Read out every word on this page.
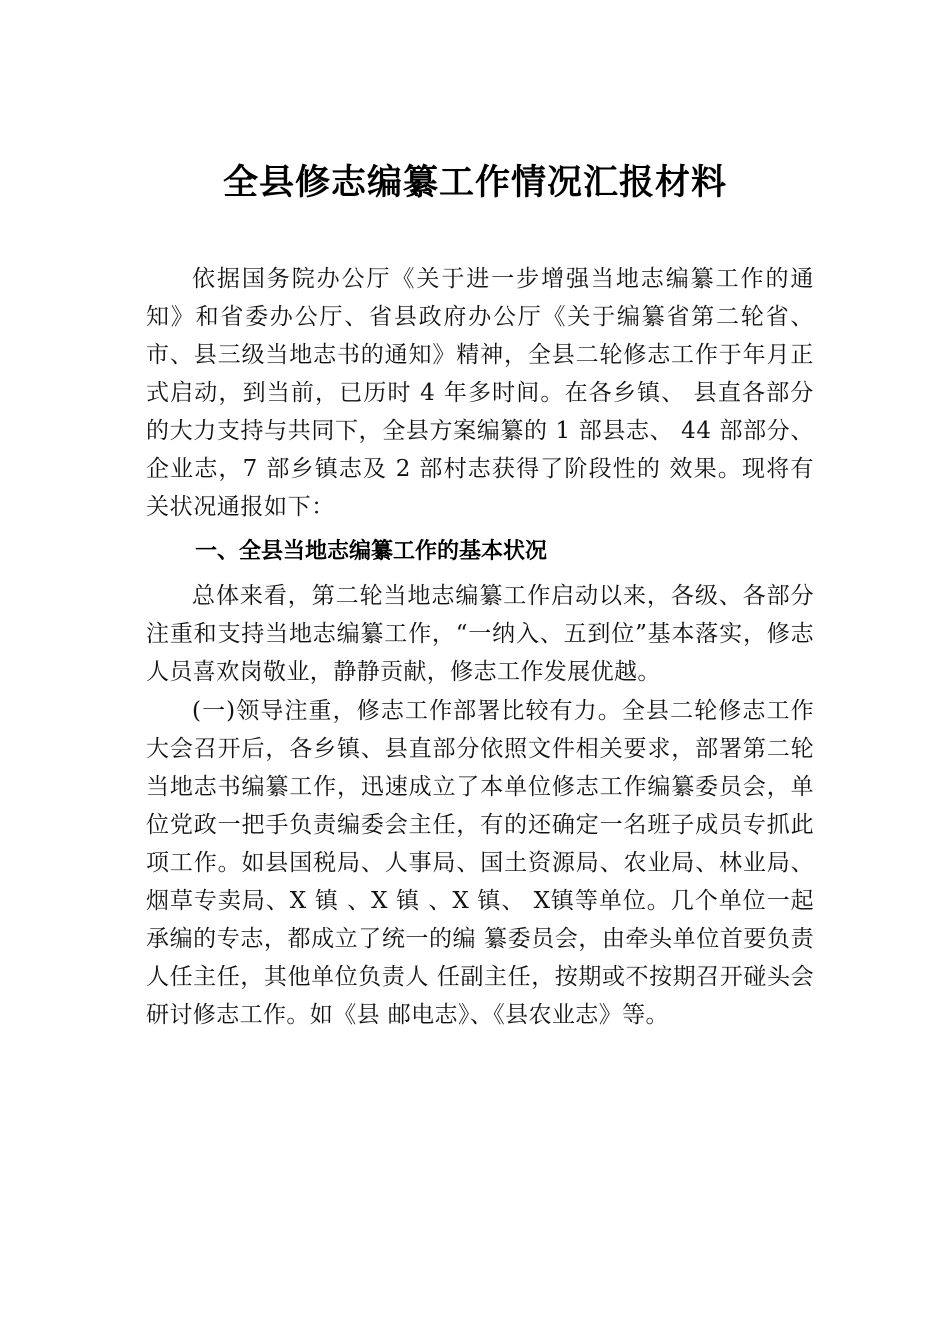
全县修志编纂工作情况汇报材料

依据国务院办公厅《关于进一步增强当地志编纂工作的通知》和省委办公厅、省县政府办公厅《关于编纂省第二轮省、市、县三级当地志书的通知》精神，全县二轮修志工作于年月正式启动，到当前，已历时 4 年多时间。在各乡镇、 县直各部分的大力支持与共同下，全县方案编纂的 1 部县志、 44 部部分、企业志，7 部乡镇志及 2 部村志获得了阶段性的 效果。现将有关状况通报如下：

一、全县当地志编纂工作的基本状况

总体来看，第二轮当地志编纂工作启动以来，各级、各部分注重和支持当地志编纂工作，“一纳入、五到位”基本落实，修志人员喜欢岗敬业，静静贡献，修志工作发展优越。

(一)领导注重，修志工作部署比较有力。全县二轮修志工作大会召开后，各乡镇、县直部分依照文件相关要求，部署第二轮当地志书编纂工作，迅速成立了本单位修志工作编纂委员会，单位党政一把手负责编委会主任，有的还确定一名班子成员专抓此项工作。如县国税局、人事局、国土资源局、农业局、林业局、烟草专卖局、X 镇 、X 镇 、X 镇、 X镇等单位。几个单位一起承编的专志，都成立了统一的编 纂委员会，由牵头单位首要负责人任主任，其他单位负责人 任副主任，按期或不按期召开碰头会研讨修志工作。如《县 邮电志》、《县农业志》等。
